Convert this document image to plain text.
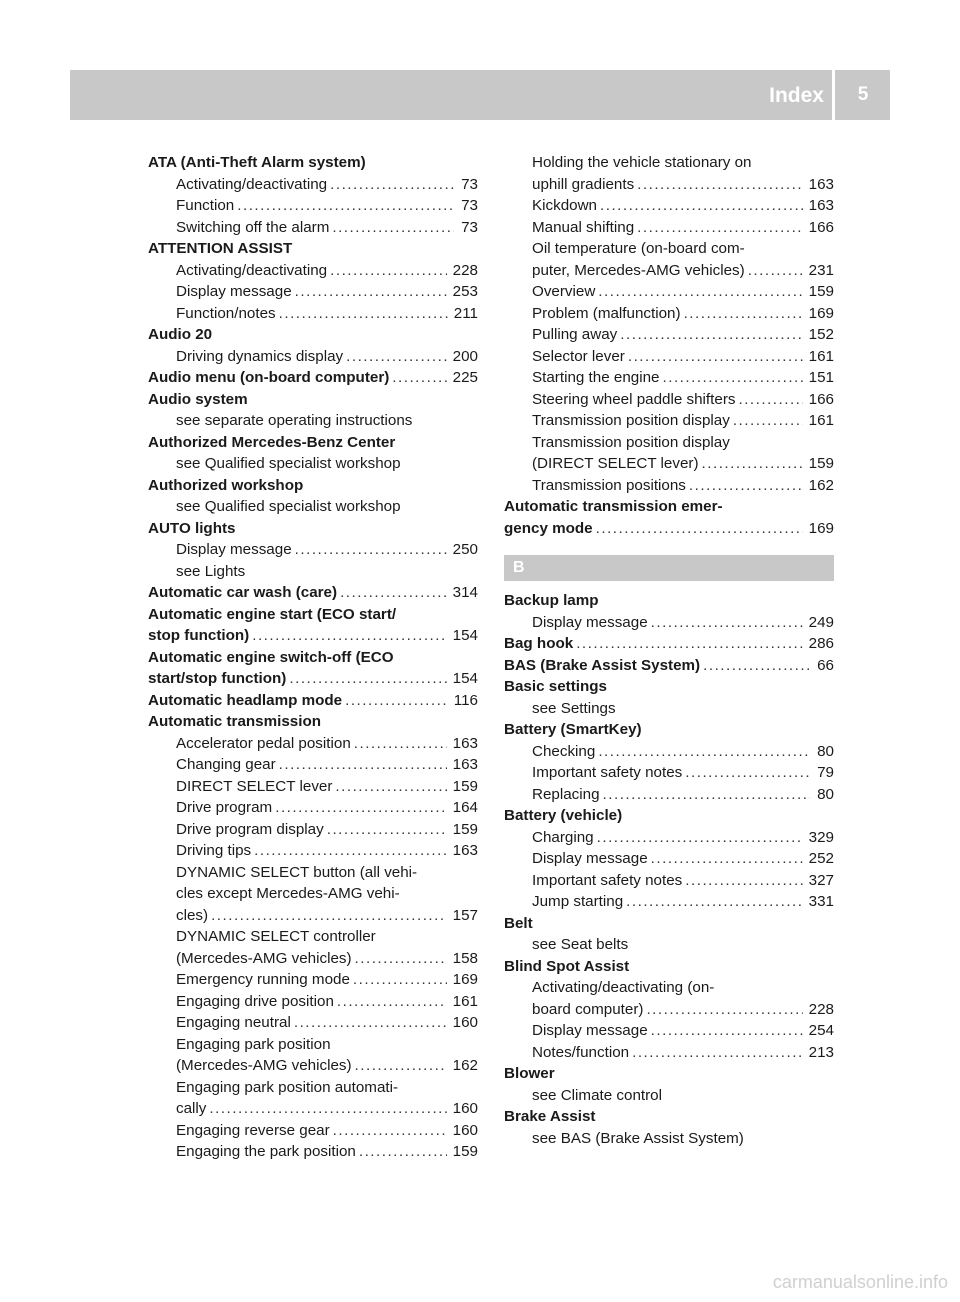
Index	5
ATA (Anti-Theft Alarm system)
Activating/deactivating .....	73
Function .....	73
Switching off the alarm .....	73
ATTENTION ASSIST
Activating/deactivating .....	228
Display message .....	253
Function/notes .....	211
Audio 20
Driving dynamics display .....	200
Audio menu (on-board computer) .....	225
Audio system
see separate operating instructions
Authorized Mercedes-Benz Center
see Qualified specialist workshop
Authorized workshop
see Qualified specialist workshop
AUTO lights
Display message .....	250
see Lights
Automatic car wash (care) .....	314
Automatic engine start (ECO start/
stop function) .....	154
Automatic engine switch-off (ECO
start/stop function) .....	154
Automatic headlamp mode .....	116
Automatic transmission
Accelerator pedal position .....	163
Changing gear .....	163
DIRECT SELECT lever .....	159
Drive program .....	164
Drive program display .....	159
Driving tips .....	163
DYNAMIC SELECT button (all vehi-
cles except Mercedes-AMG vehi-
cles) .....	157
DYNAMIC SELECT controller
(Mercedes-AMG vehicles) .....	158
Emergency running mode .....	169
Engaging drive position .....	161
Engaging neutral .....	160
Engaging park position
(Mercedes-AMG vehicles) .....	162
Engaging park position automati-
cally .....	160
Engaging reverse gear .....	160
Engaging the park position .....	159
Holding the vehicle stationary on
uphill gradients .....	163
Kickdown .....	163
Manual shifting .....	166
Oil temperature (on-board com-
puter, Mercedes-AMG vehicles) .....	231
Overview .....	159
Problem (malfunction) .....	169
Pulling away .....	152
Selector lever .....	161
Starting the engine .....	151
Steering wheel paddle shifters .....	166
Transmission position display .....	161
Transmission position display
(DIRECT SELECT lever) .....	159
Transmission positions .....	162
Automatic transmission emer-
gency mode .....	169
B
Backup lamp
Display message .....	249
Bag hook .....	286
BAS (Brake Assist System) .....	66
Basic settings
see Settings
Battery (SmartKey)
Checking .....	80
Important safety notes .....	79
Replacing .....	80
Battery (vehicle)
Charging .....	329
Display message .....	252
Important safety notes .....	327
Jump starting .....	331
Belt
see Seat belts
Blind Spot Assist
Activating/deactivating (on-
board computer) .....	228
Display message .....	254
Notes/function .....	213
Blower
see Climate control
Brake Assist
see BAS (Brake Assist System)
carmanualsonline.info
